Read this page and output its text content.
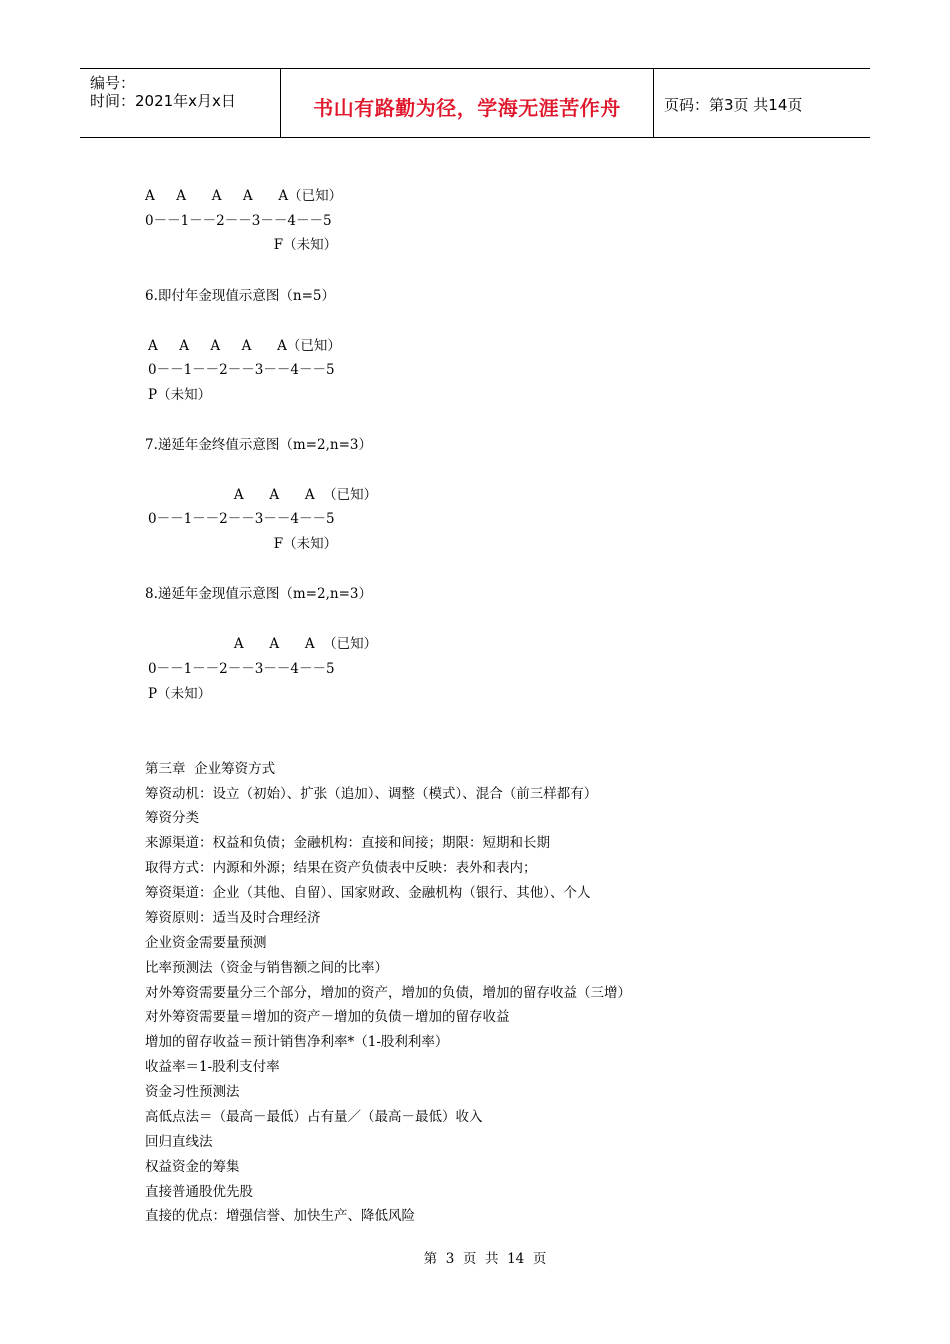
编号：
时间：2021年x月x日	书山有路勤为径，学海无涯苦作舟	页码：第3页 共14页
A     A      A     A      A（已知）
0－－1－－2－－3－－4－－5
F（未知）
6.即付年金现值示意图（n=5）
A     A     A     A      A（已知）
0－－1－－2－－3－－4－－5
P（未知）
7.递延年金终值示意图（m=2,n=3）
A      A      A  （已知）
0－－1－－2－－3－－4－－5
F（未知）
8.递延年金现值示意图（m=2,n=3）
A      A      A  （已知）
0－－1－－2－－3－－4－－5
P（未知）
第三章  企业筹资方式
筹资动机：设立（初始）、扩张（追加）、调整（模式）、混合（前三样都有）
筹资分类
来源渠道：权益和负债；金融机构：直接和间接；期限：短期和长期
取得方式：内源和外源；结果在资产负债表中反映：表外和表内；
筹资渠道：企业（其他、自留）、国家财政、金融机构（银行、其他）、个人
筹资原则：适当及时合理经济
企业资金需要量预测
比率预测法（资金与销售额之间的比率）
对外筹资需要量分三个部分，增加的资产，增加的负债，增加的留存收益（三增）
对外筹资需要量＝增加的资产－增加的负债－增加的留存收益
增加的留存收益＝预计销售净利率*（1-股利利率）
收益率＝1-股利支付率
资金习性预测法
高低点法＝（最高－最低）占有量／（最高－最低）收入
回归直线法
权益资金的筹集
直接普通股优先股
直接的优点：增强信誉、加快生产、降低风险
第  3  页  共  14  页
